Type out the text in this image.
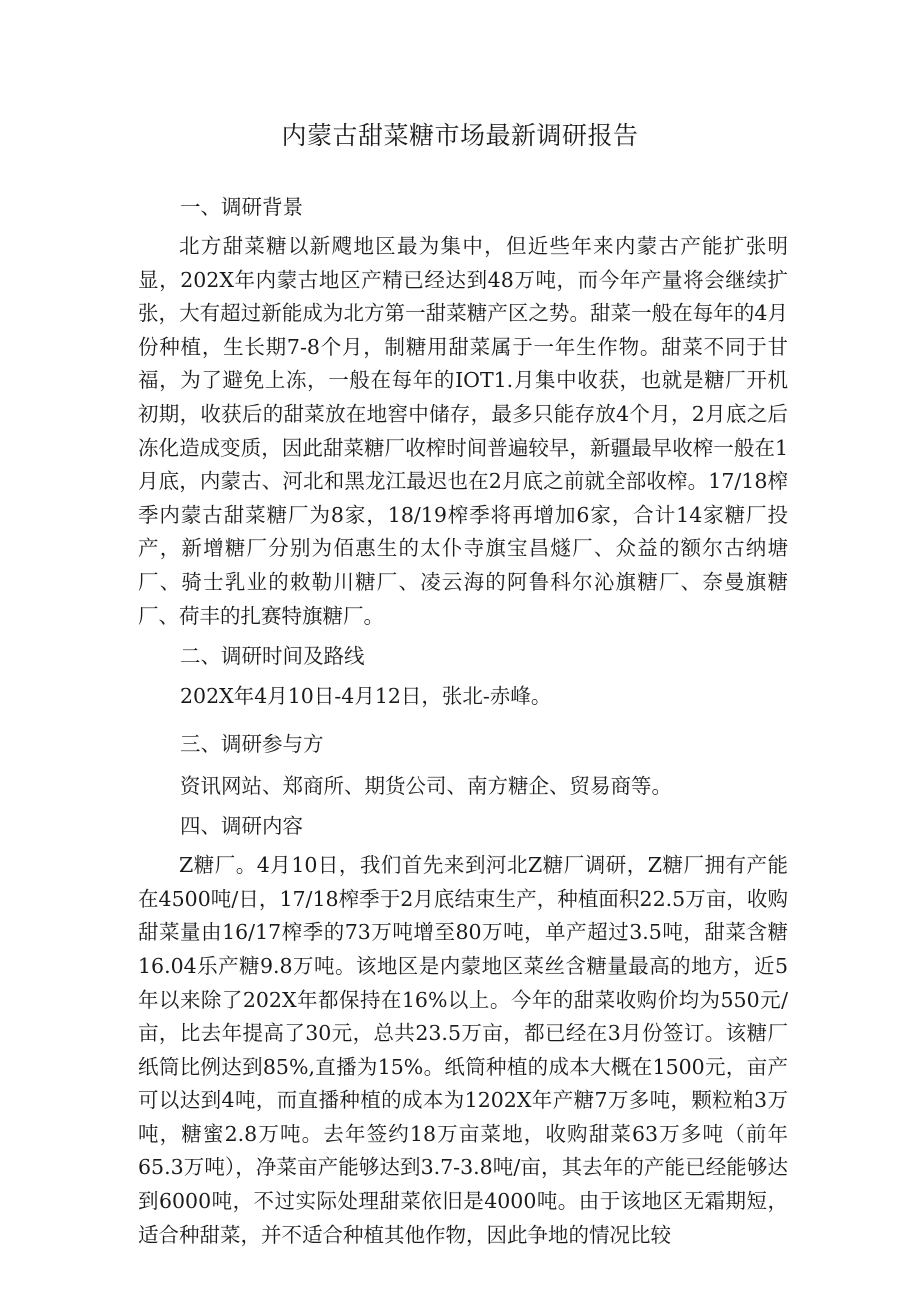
内蒙古甜菜糖市场最新调研报告

一、调研背景

北方甜菜糖以新飕地区最为集中，但近些年来内蒙古产能扩张明显，202X年内蒙古地区产精已经达到48万吨，而今年产量将会继续扩张，大有超过新能成为北方第一甜菜糖产区之势。甜菜一般在每年的4月份种植，生长期7-8个月，制糖用甜菜属于一年生作物。甜菜不同于甘福，为了避免上冻，一般在每年的IOT1.月集中收获，也就是糖厂开机初期，收获后的甜菜放在地窖中储存，最多只能存放4个月，2月底之后冻化造成变质，因此甜菜糖厂收榨时间普遍较早，新疆最早收榨一般在1月底，内蒙古、河北和黑龙江最迟也在2月底之前就全部收榨。17/18榨季内蒙古甜菜糖厂为8家，18/19榨季将再增加6家，合计14家糖厂投产，新增糖厂分别为佰惠生的太仆寺旗宝昌燧厂、众益的额尔古纳塘厂、骑士乳业的敕勒川糖厂、凌云海的阿鲁科尔沁旗糖厂、奈曼旗糖厂、荷丰的扎赛特旗糖厂。

二、调研时间及路线

202X年4月10日-4月12日，张北-赤峰。

三、调研参与方

资讯网站、郑商所、期货公司、南方糖企、贸易商等。

四、调研内容

Z糖厂。4月10日，我们首先来到河北Z糖厂调研，Z糖厂拥有产能在4500吨/日，17/18榨季于2月底结束生产，种植面积22.5万亩，收购甜菜量由16/17榨季的73万吨增至80万吨，单产超过3.5吨，甜菜含糖16.04乐产糖9.8万吨。该地区是内蒙地区菜丝含糖量最高的地方，近5年以来除了202X年都保持在16%以上。今年的甜菜收购价均为550元/亩，比去年提高了30元，总共23.5万亩，都已经在3月份签订。该糖厂纸筒比例达到85%,直播为15%。纸筒种植的成本大概在1500元，亩产可以达到4吨，而直播种植的成本为1202X年产糖7万多吨，颗粒粕3万吨，糖蜜2.8万吨。去年签约18万亩菜地，收购甜菜63万多吨（前年65.3万吨），净菜亩产能够达到3.7-3.8吨/亩，其去年的产能已经能够达到6000吨，不过实际处理甜菜依旧是4000吨。由于该地区无霜期短，适合种甜菜，并不适合种植其他作物，因此争地的情况比较
